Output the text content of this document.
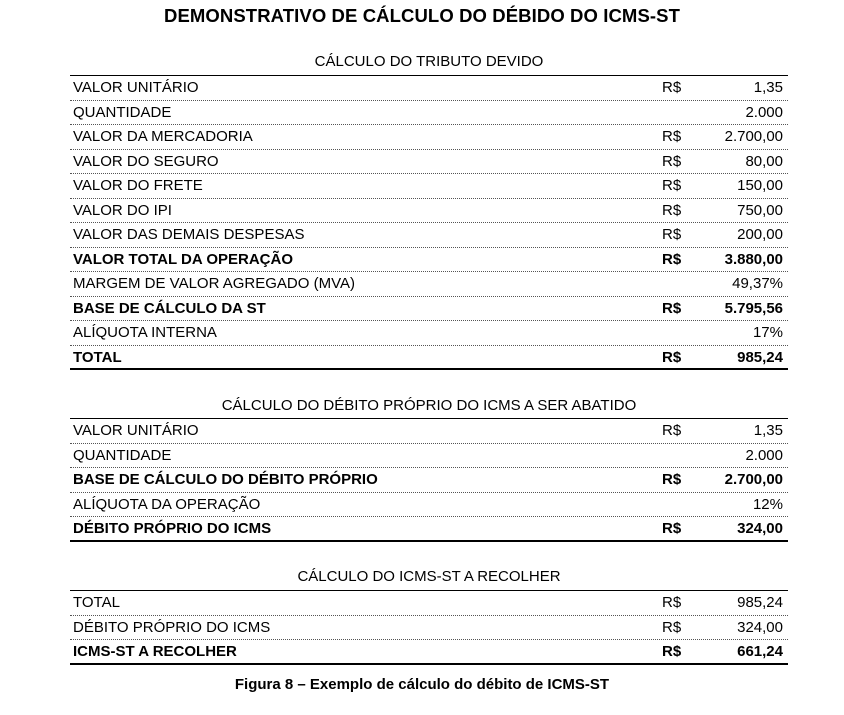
DEMONSTRATIVO DE CÁLCULO DO DÉBIDO DO ICMS-ST
CÁLCULO DO TRIBUTO DEVIDO
VALOR UNITÁRIO	R$	1,35
QUANTIDADE	2.000
VALOR DA MERCADORIA	R$	2.700,00
VALOR DO SEGURO	R$	80,00
VALOR DO FRETE	R$	150,00
VALOR DO IPI	R$	750,00
VALOR DAS DEMAIS DESPESAS	R$	200,00
VALOR TOTAL DA OPERAÇÃO	R$	3.880,00
MARGEM DE VALOR AGREGADO (MVA)	49,37%
BASE DE CÁLCULO DA ST	R$	5.795,56
ALÍQUOTA INTERNA	17%
TOTAL	R$	985,24
CÁLCULO DO DÉBITO PRÓPRIO DO ICMS A SER ABATIDO
VALOR UNITÁRIO	R$	1,35
QUANTIDADE	2.000
BASE DE CÁLCULO DO DÉBITO PRÓPRIO	R$	2.700,00
ALÍQUOTA DA OPERAÇÃO	12%
DÉBITO PRÓPRIO DO ICMS	R$	324,00
CÁLCULO DO ICMS-ST A RECOLHER
TOTAL	R$	985,24
DÉBITO PRÓPRIO DO ICMS	R$	324,00
ICMS-ST A RECOLHER	R$	661,24
Figura 8 – Exemplo de cálculo do débito de ICMS-ST
